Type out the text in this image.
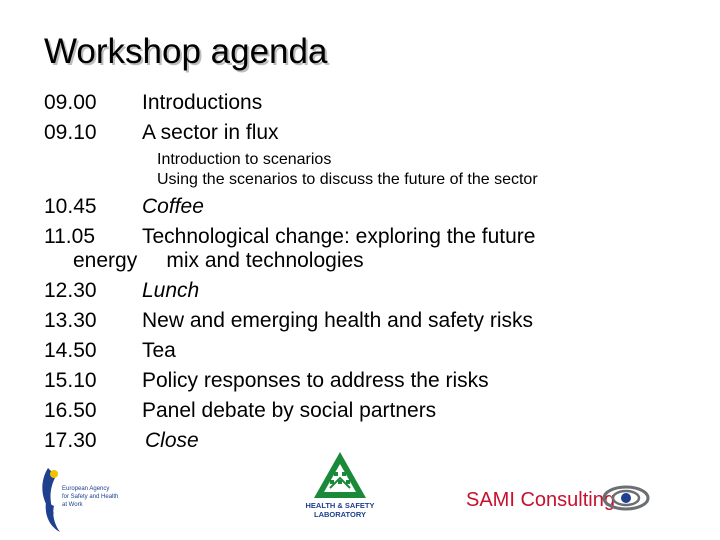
Workshop agenda
09.00 Introductions
09.10 A sector in flux
Introduction to scenarios
Using the scenarios to discuss the future of the sector
10.45 Coffee
11.05 Technological change: exploring the future
energy     mix and technologies
12.30 Lunch
13.30 New and emerging health and safety risks
14.50 Tea
15.10 Policy responses to address the risks
16.50 Panel debate by social partners
17.30 Close
European Agency
for Safety and Health
at Work	HEALTH & SAFETY
LABORATORY
SAMI Consulting
